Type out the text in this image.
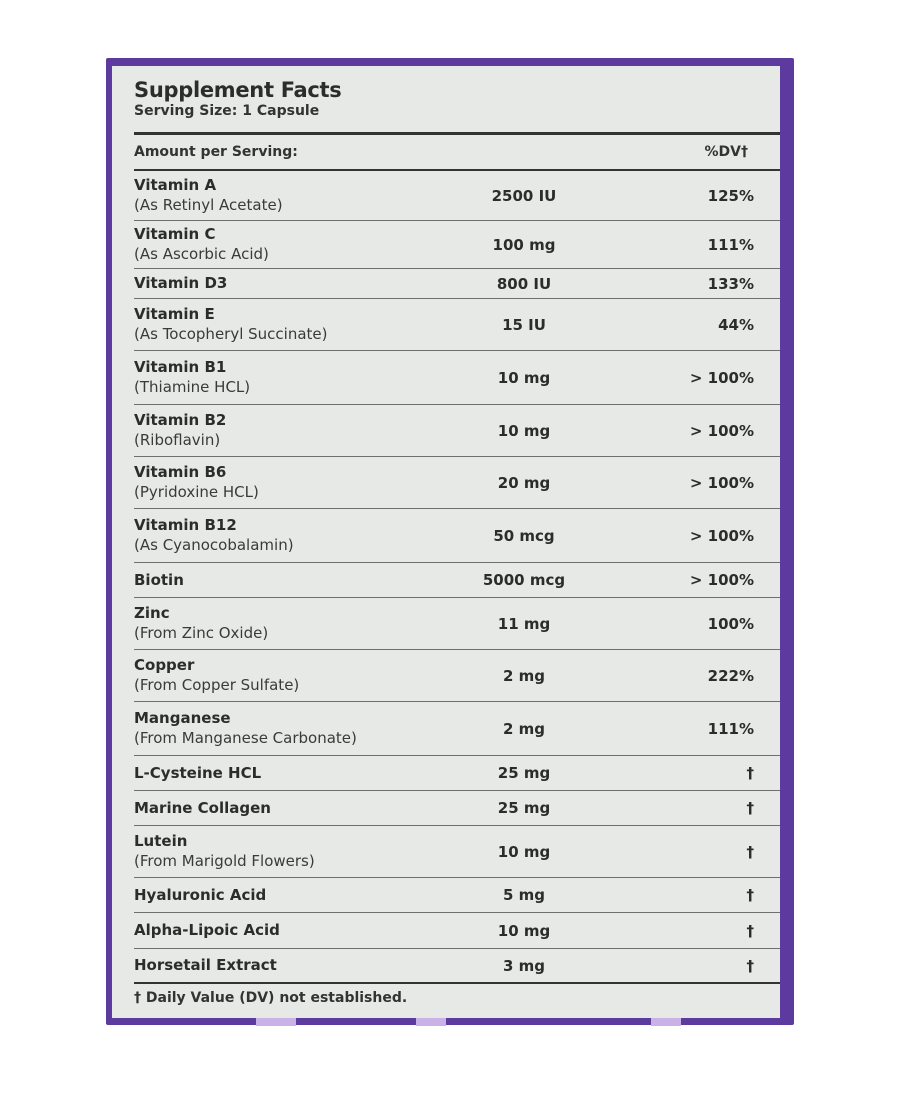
Supplement Facts
Serving Size: 1 Capsule
Amount per Serving:	%DV†
Vitamin A
(As Retinyl Acetate)
2500 IU	125%
Vitamin C
(As Ascorbic Acid)
100 mg	111%
Vitamin D3	800 IU	133%
Vitamin E
(As Tocopheryl Succinate)
15 IU	44%
Vitamin B1
(Thiamine HCL)
10 mg	> 100%
Vitamin B2
(Riboflavin)
10 mg	> 100%
Vitamin B6
(Pyridoxine HCL)
20 mg	> 100%
Vitamin B12
(As Cyanocobalamin)
50 mcg	> 100%
Biotin	5000 mcg	> 100%
Zinc
(From Zinc Oxide)
11 mg	100%
Copper
(From Copper Sulfate)
2 mg	222%
Manganese
(From Manganese Carbonate)
2 mg	111%
L-Cysteine HCL	25 mg	†
Marine Collagen	25 mg	†
Lutein
(From Marigold Flowers)
10 mg	†
Hyaluronic Acid	5 mg	†
Alpha-Lipoic Acid	10 mg	†
Horsetail Extract	3 mg	†
† Daily Value (DV) not established.
